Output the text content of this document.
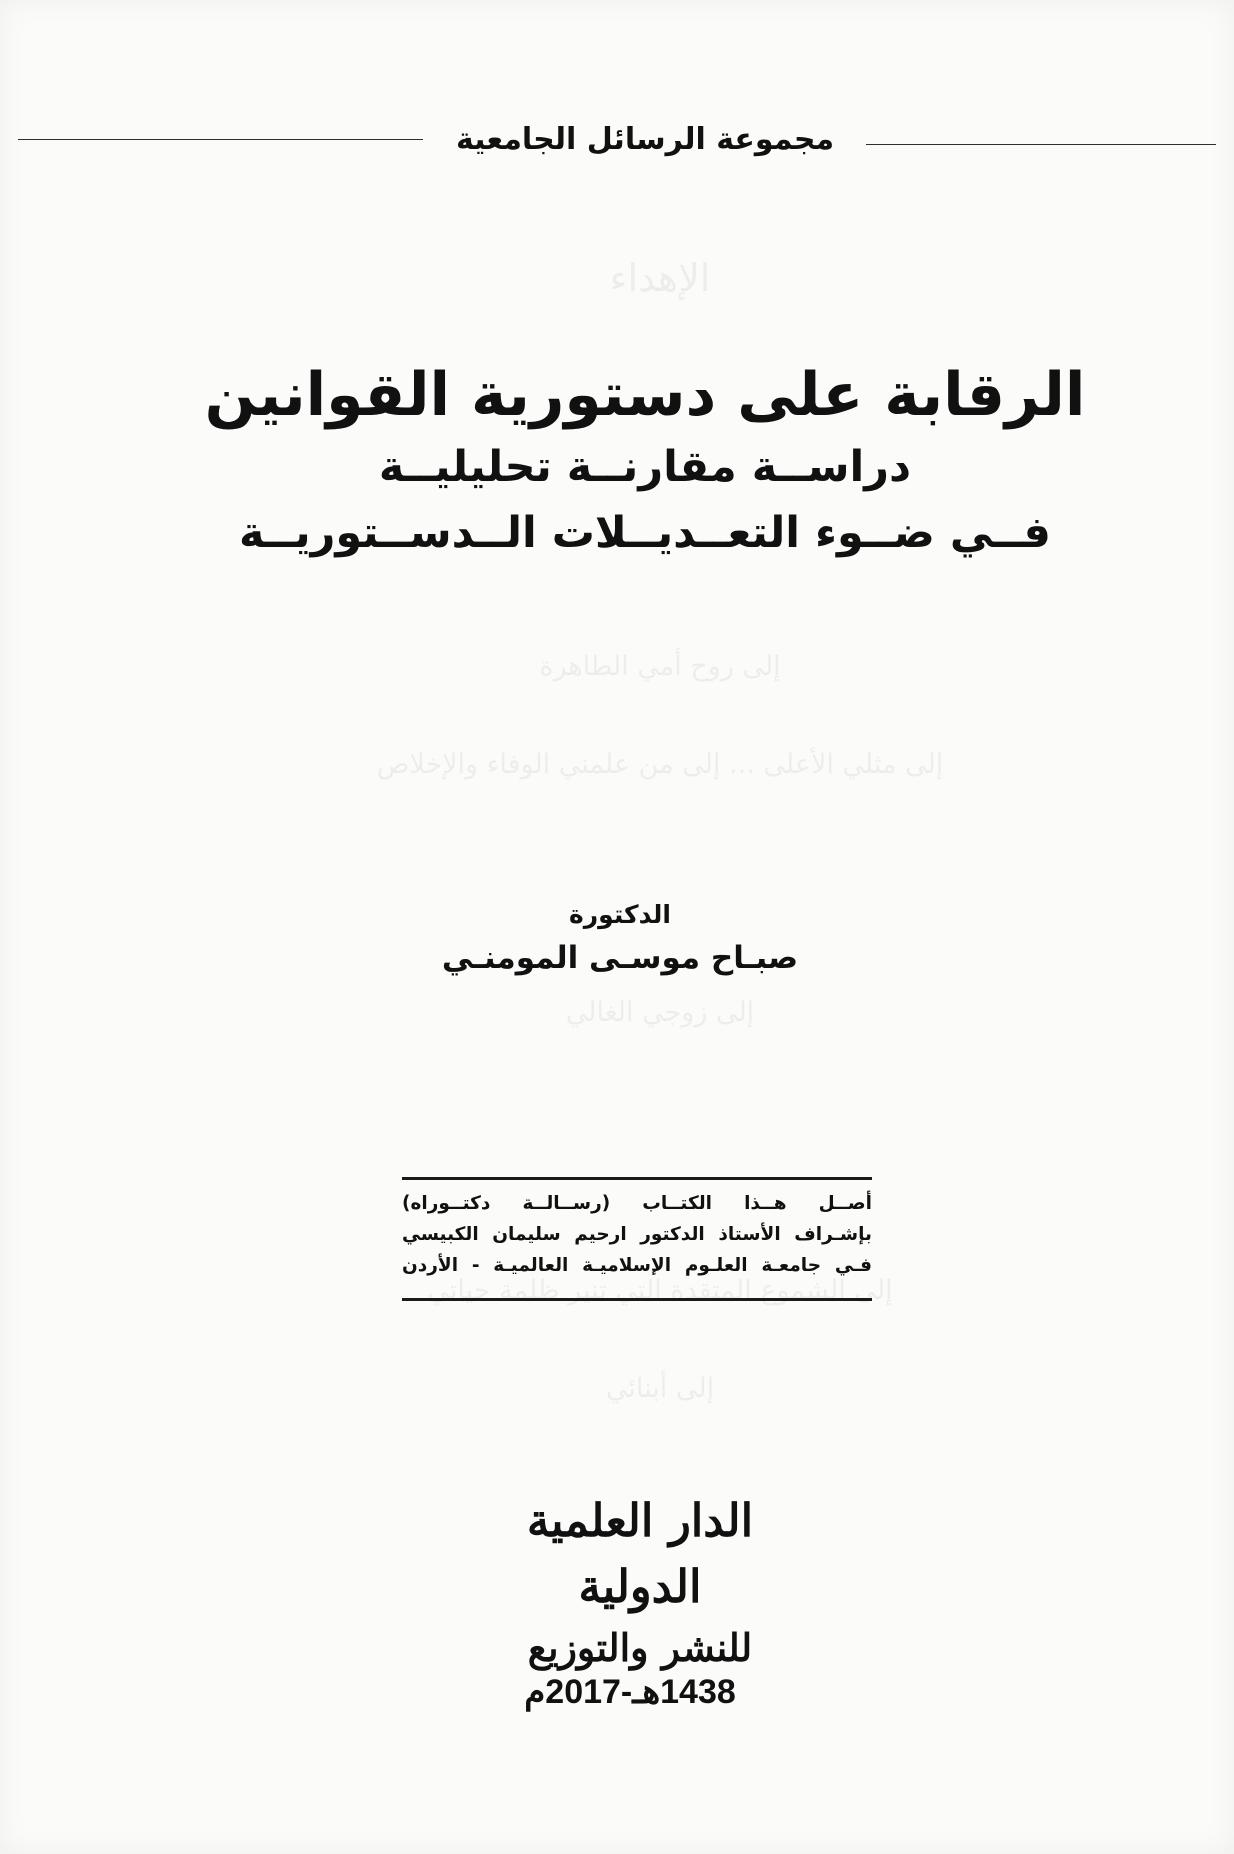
الإهداء
إلى روح أمي الطاهرة
إلى مثلي الأعلى ... إلى من علمني الوفاء والإخلاص
إلى زوجي الغالي
إلى الشموع المتقدة التي تنير ظلمة حياتي
إلى أبنائي
مجموعة الرسائل الجامعية
الرقابة على دستورية القوانين
دراســة مقارنــة تحليليــة
فــي ضــوء التعــديــلات الــدســتوريــة
الدكتورة
صبـاح موسـى المومنـي
أصــل هــذا الكتــاب (رســالــة دكتــوراه)
بإشـراف الأستاذ الدكتور ارحيم سليمان الكبيسي
فـي جامعـة العلـوم الإسلاميـة العالميـة - الأردن
الدار العلمية الدولية
للنشر والتوزيع
1438هـ-2017م
